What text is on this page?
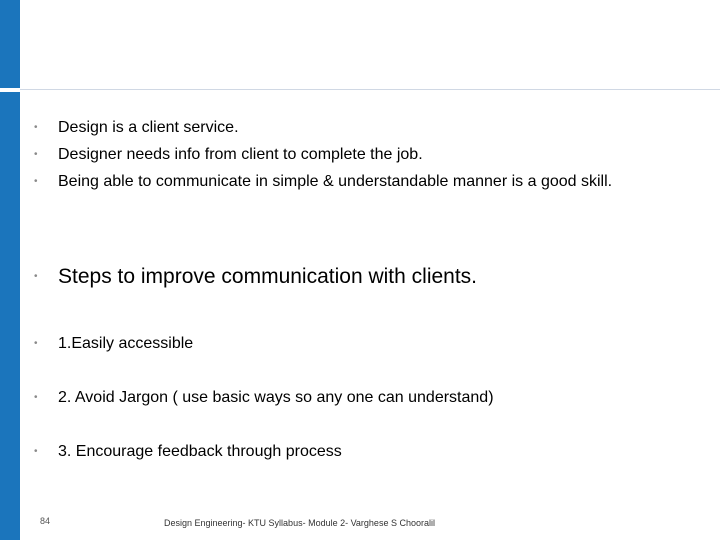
•	Design is a client service.
•	Designer needs info from client to complete the job.
•	Being able to communicate in simple & understandable manner is a good skill.
• Steps to improve communication with clients.
•	1.Easily accessible
•	2. Avoid Jargon ( use basic ways so any one can understand)
•	3. Encourage feedback through process
84	Design Engineering- KTU Syllabus- Module 2- Varghese S Chooralil
